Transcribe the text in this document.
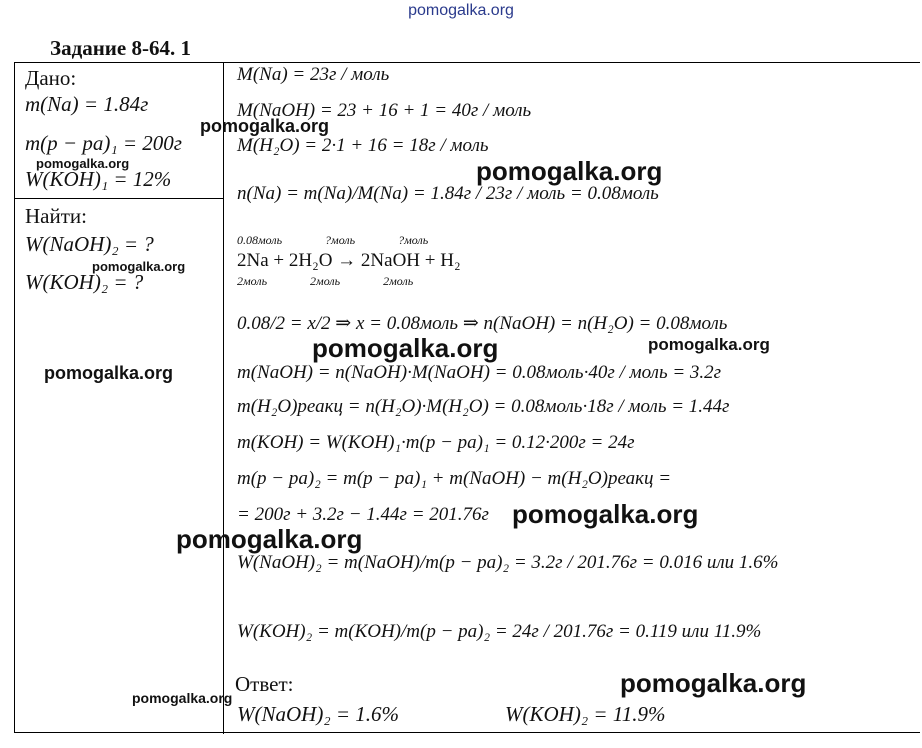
pomogalka.org
Задание 8-64. 1
Дано:
m(Na) = 1.84г
m(p − pa)₁ = 200г
W(KOH)₁ = 12%
Найти:
W(NaOH)₂ = ?
W(KOH)₂ = ?
M(Na) = 23г / моль
M(NaOH) = 23 + 16 + 1 = 40г / моль
M(H₂O) = 2·1 + 16 = 18г / моль
n(Na) = m(Na)/M(Na) = 1.84г / 23г / моль = 0.08моль
0.08моль ?моль ?моль
2Na + 2H₂O → 2NaOH + H₂
2моль 2моль 2моль
0.08/2 = x/2 ⇒ x = 0.08моль ⇒ n(NaOH) = n(H₂O) = 0.08моль
m(NaOH) = n(NaOH)·M(NaOH) = 0.08моль·40г / моль = 3.2г
m(H₂O)реакц = n(H₂O)·M(H₂O) = 0.08моль·18г / моль = 1.44г
m(KOH) = W(KOH)₁·m(p − pa)₁ = 0.12·200г = 24г
m(p − pa)₂ = m(p − pa)₁ + m(NaOH) − m(H₂O)реакц =
= 200г + 3.2г − 1.44г = 201.76г
W(NaOH)₂ = m(NaOH)/m(p − pa)₂ = 3.2г / 201.76г = 0.016 или 1.6%
W(KOH)₂ = m(KOH)/m(p − pa)₂ = 24г / 201.76г = 0.119 или 11.9%
Ответ:
W(NaOH)₂ = 1.6%	W(KOH)₂ = 11.9%
pomogalka.org
pomogalka.org	pomogalka.org
pomogalka.org
pomogalka.org	pomogalka.org
pomogalka.org
pomogalka.org
pomogalka.org
pomogalka.org
pomogalka.org
